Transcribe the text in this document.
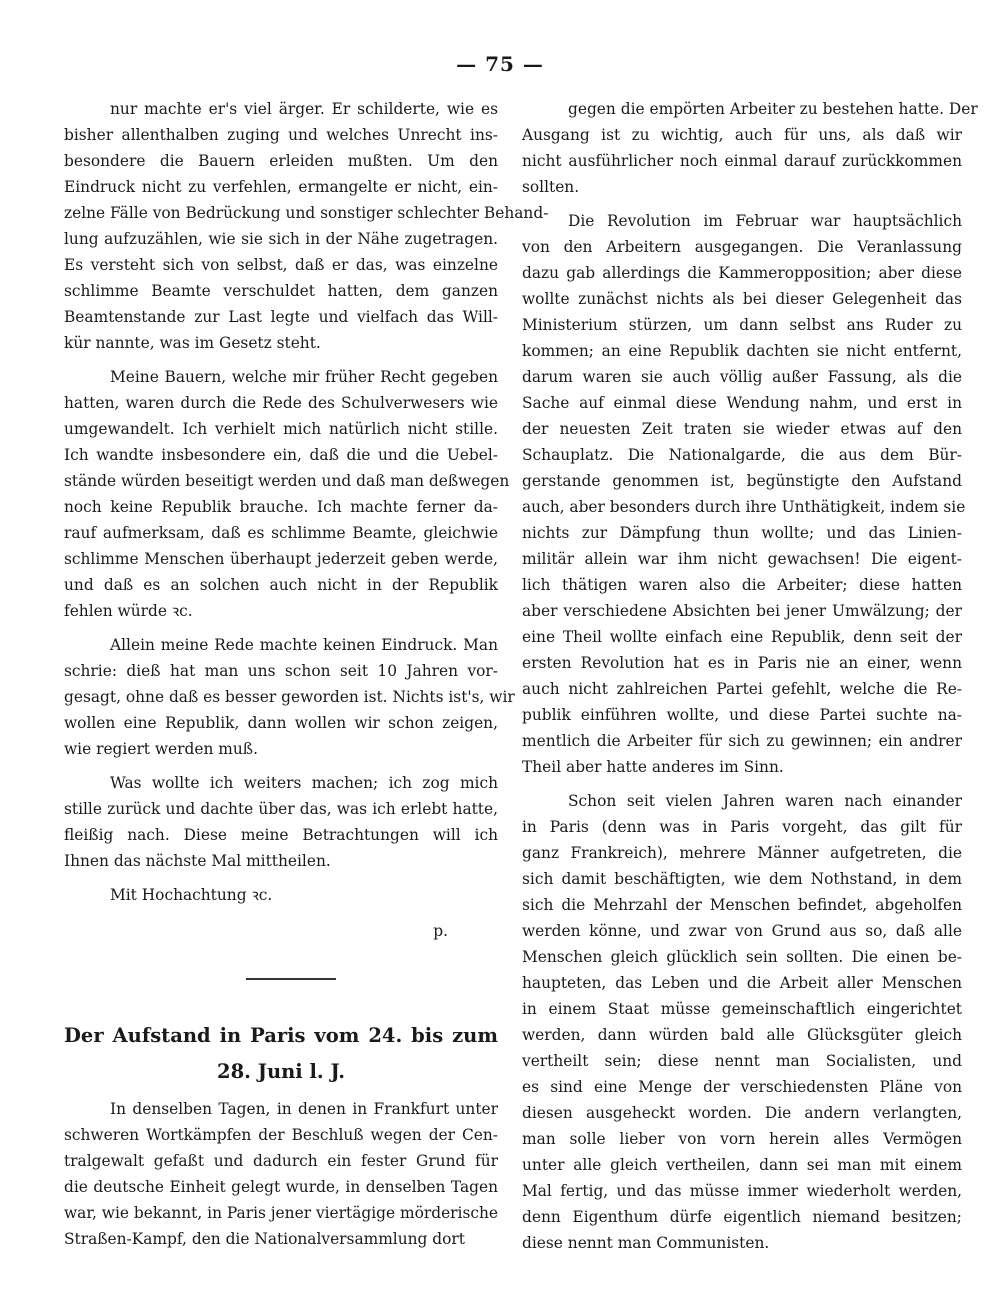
— 75 —
nur machte er's viel ärger. Er schilderte, wie es
bisher allenthalben zuging und welches Unrecht ins-
besondere die Bauern erleiden mußten. Um den
Eindruck nicht zu verfehlen, ermangelte er nicht, ein-
zelne Fälle von Bedrückung und sonstiger schlechter Behand-
lung aufzuzählen, wie sie sich in der Nähe zugetragen.
Es versteht sich von selbst, daß er das, was einzelne
schlimme Beamte verschuldet hatten, dem ganzen
Beamtenstande zur Last legte und vielfach das Will-
kür nannte, was im Gesetz steht.
Meine Bauern, welche mir früher Recht gegeben
hatten, waren durch die Rede des Schulverwesers wie
umgewandelt. Ich verhielt mich natürlich nicht stille.
Ich wandte insbesondere ein, daß die und die Uebel-
stände würden beseitigt werden und daß man deßwegen
noch keine Republik brauche. Ich machte ferner da-
rauf aufmerksam, daß es schlimme Beamte, gleichwie
schlimme Menschen überhaupt jederzeit geben werde,
und daß es an solchen auch nicht in der Republik
fehlen würde ꝛc.
Allein meine Rede machte keinen Eindruck. Man
schrie: dieß hat man uns schon seit 10 Jahren vor-
gesagt, ohne daß es besser geworden ist. Nichts ist's, wir
wollen eine Republik, dann wollen wir schon zeigen,
wie regiert werden muß.
Was wollte ich weiters machen; ich zog mich
stille zurück und dachte über das, was ich erlebt hatte,
fleißig nach. Diese meine Betrachtungen will ich
Ihnen das nächste Mal mittheilen.
Mit Hochachtung ꝛc.
p.
Der Aufstand in Paris vom 24. bis zum
28. Juni l. J.
In denselben Tagen, in denen in Frankfurt unter
schweren Wortkämpfen der Beschluß wegen der Cen-
tralgewalt gefaßt und dadurch ein fester Grund für
die deutsche Einheit gelegt wurde, in denselben Tagen
war, wie bekannt, in Paris jener viertägige mörderische
Straßen-Kampf, den die Nationalversammlung dort
gegen die empörten Arbeiter zu bestehen hatte. Der
Ausgang ist zu wichtig, auch für uns, als daß wir
nicht ausführlicher noch einmal darauf zurückkommen
sollten.
Die Revolution im Februar war hauptsächlich
von den Arbeitern ausgegangen. Die Veranlassung
dazu gab allerdings die Kammeropposition; aber diese
wollte zunächst nichts als bei dieser Gelegenheit das
Ministerium stürzen, um dann selbst ans Ruder zu
kommen; an eine Republik dachten sie nicht entfernt,
darum waren sie auch völlig außer Fassung, als die
Sache auf einmal diese Wendung nahm, und erst in
der neuesten Zeit traten sie wieder etwas auf den
Schauplatz. Die Nationalgarde, die aus dem Bür-
gerstande genommen ist, begünstigte den Aufstand
auch, aber besonders durch ihre Unthätigkeit, indem sie
nichts zur Dämpfung thun wollte; und das Linien-
militär allein war ihm nicht gewachsen! Die eigent-
lich thätigen waren also die Arbeiter; diese hatten
aber verschiedene Absichten bei jener Umwälzung; der
eine Theil wollte einfach eine Republik, denn seit der
ersten Revolution hat es in Paris nie an einer, wenn
auch nicht zahlreichen Partei gefehlt, welche die Re-
publik einführen wollte, und diese Partei suchte na-
mentlich die Arbeiter für sich zu gewinnen; ein andrer
Theil aber hatte anderes im Sinn.
Schon seit vielen Jahren waren nach einander
in Paris (denn was in Paris vorgeht, das gilt für
ganz Frankreich), mehrere Männer aufgetreten, die
sich damit beschäftigten, wie dem Nothstand, in dem
sich die Mehrzahl der Menschen befindet, abgeholfen
werden könne, und zwar von Grund aus so, daß alle
Menschen gleich glücklich sein sollten. Die einen be-
haupteten, das Leben und die Arbeit aller Menschen
in einem Staat müsse gemeinschaftlich eingerichtet
werden, dann würden bald alle Glücksgüter gleich
vertheilt sein; diese nennt man Socialisten, und
es sind eine Menge der verschiedensten Pläne von
diesen ausgeheckt worden. Die andern verlangten,
man solle lieber von vorn herein alles Vermögen
unter alle gleich vertheilen, dann sei man mit einem
Mal fertig, und das müsse immer wiederholt werden,
denn Eigenthum dürfe eigentlich niemand besitzen;
diese nennt man Communisten.
